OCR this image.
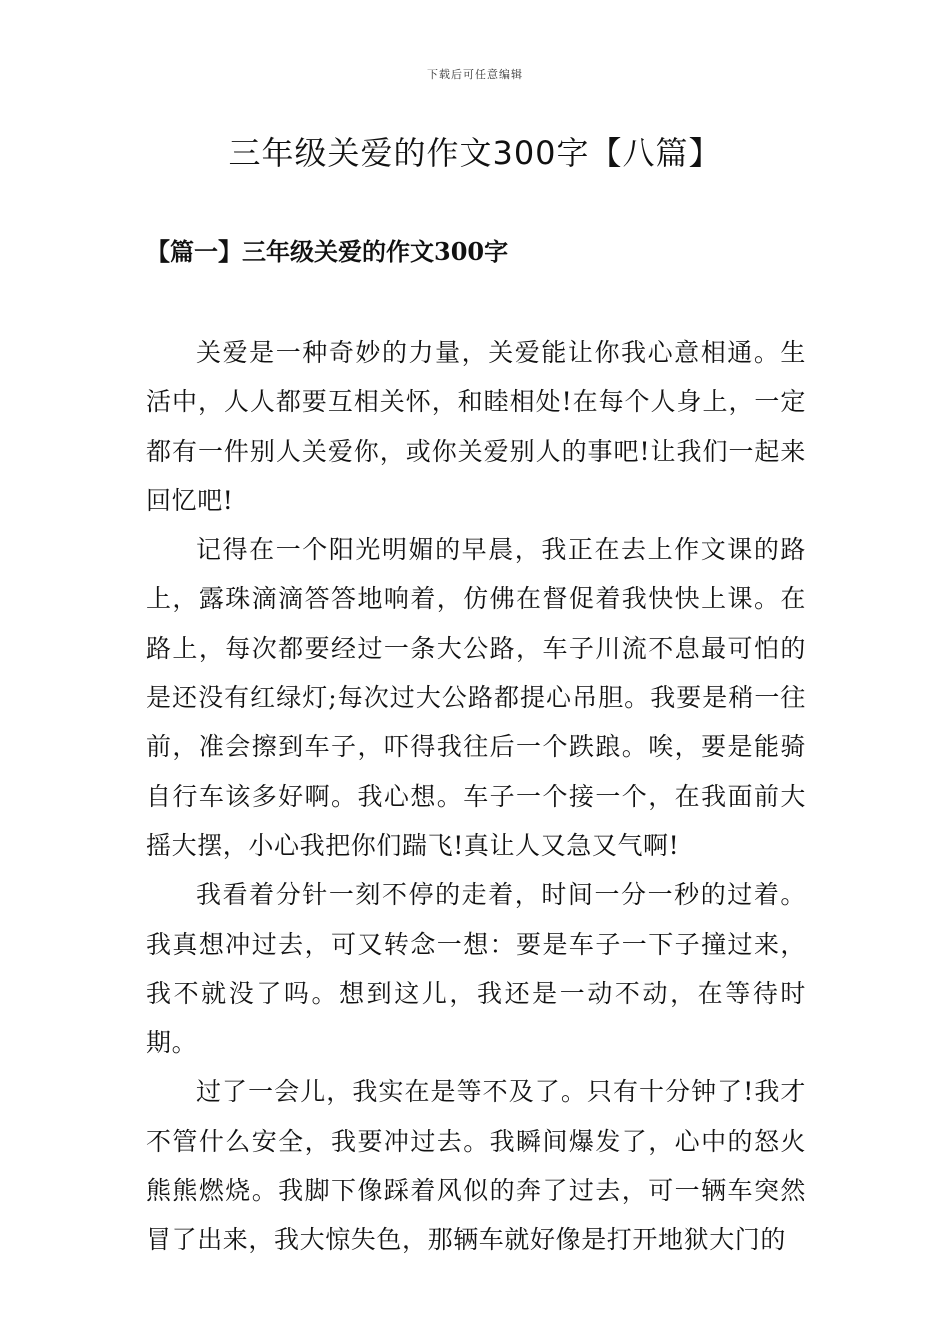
下载后可任意编辑
三年级关爱的作文300字【八篇】
【篇一】三年级关爱的作文300字

关爱是一种奇妙的力量，关爱能让你我心意相通。生活中，人人都要互相关怀，和睦相处!在每个人身上，一定都有一件别人关爱你，或你关爱别人的事吧!让我们一起来回忆吧!

记得在一个阳光明媚的早晨，我正在去上作文课的路上，露珠滴滴答答地响着，仿佛在督促着我快快上课。在路上，每次都要经过一条大公路，车子川流不息最可怕的是还没有红绿灯;每次过大公路都提心吊胆。我要是稍一往前，准会擦到车子，吓得我往后一个跌踉。唉，要是能骑自行车该多好啊。我心想。车子一个接一个，在我面前大摇大摆，小心我把你们踹飞!真让人又急又气啊!

我看着分针一刻不停的走着，时间一分一秒的过着。我真想冲过去，可又转念一想：要是车子一下子撞过来，我不就没了吗。想到这儿，我还是一动不动，在等待时期。

过了一会儿，我实在是等不及了。只有十分钟了!我才不管什么安全，我要冲过去。我瞬间爆发了，心中的怒火熊熊燃烧。我脚下像踩着风似的奔了过去，可一辆车突然冒了出来，我大惊失色，那辆车就好像是打开地狱大门的
